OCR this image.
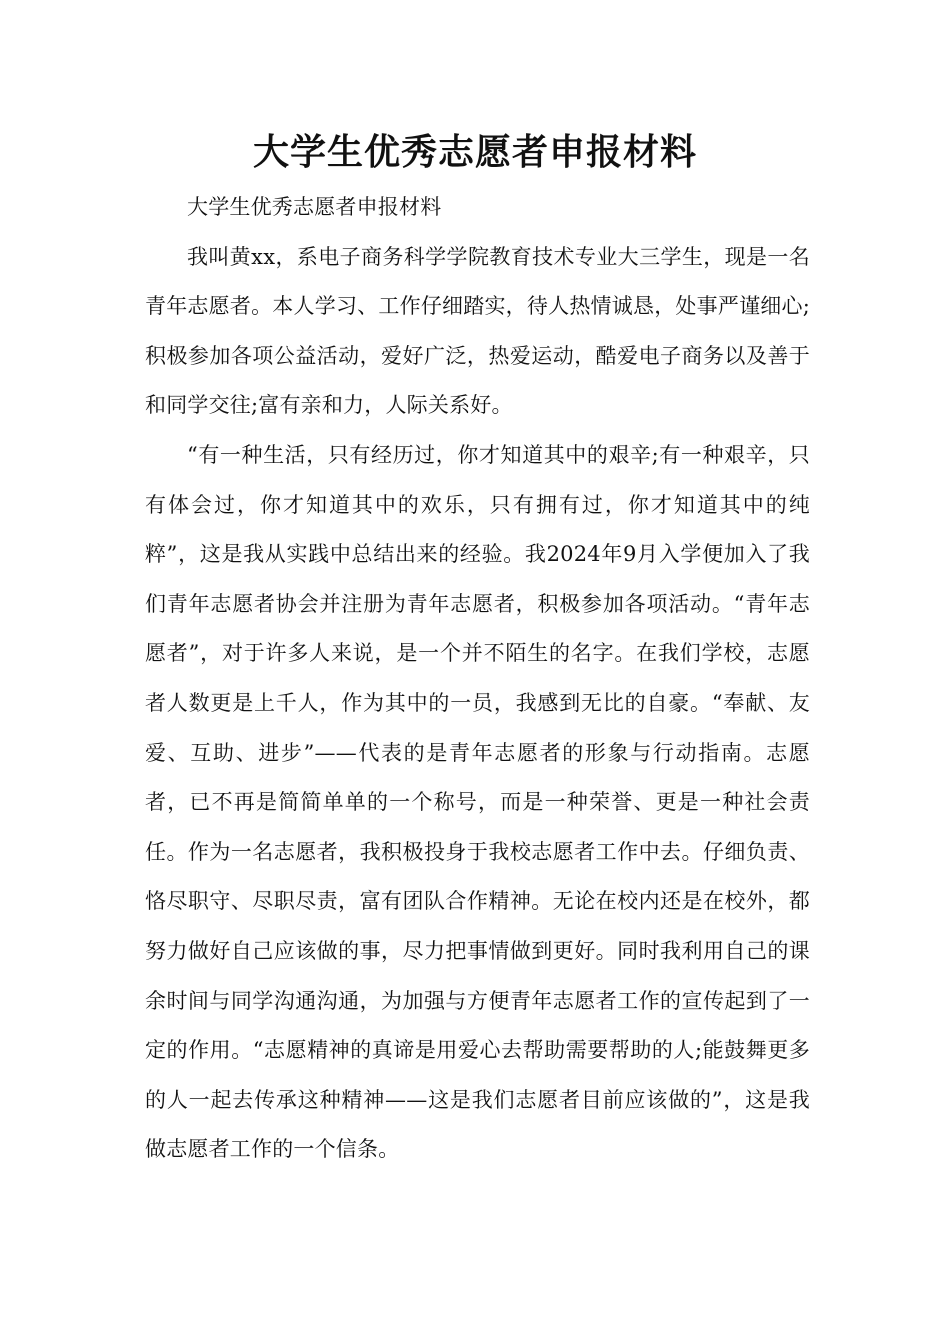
大学生优秀志愿者申报材料

大学生优秀志愿者申报材料

我叫黄xx，系电子商务科学学院教育技术专业大三学生，现是一名青年志愿者。本人学习、工作仔细踏实，待人热情诚恳，处事严谨细心;积极参加各项公益活动，爱好广泛，热爱运动，酷爱电子商务以及善于和同学交往;富有亲和力，人际关系好。

“有一种生活，只有经历过，你才知道其中的艰辛;有一种艰辛，只有体会过，你才知道其中的欢乐，只有拥有过，你才知道其中的纯粹”，这是我从实践中总结出来的经验。我2024年9月入学便加入了我们青年志愿者协会并注册为青年志愿者，积极参加各项活动。“青年志愿者”，对于许多人来说，是一个并不陌生的名字。在我们学校，志愿者人数更是上千人，作为其中的一员，我感到无比的自豪。“奉献、友爱、互助、进步”——代表的是青年志愿者的形象与行动指南。志愿者，已不再是简简单单的一个称号，而是一种荣誉、更是一种社会责任。作为一名志愿者，我积极投身于我校志愿者工作中去。仔细负责、恪尽职守、尽职尽责，富有团队合作精神。无论在校内还是在校外，都努力做好自己应该做的事，尽力把事情做到更好。同时我利用自己的课余时间与同学沟通沟通，为加强与方便青年志愿者工作的宣传起到了一定的作用。“志愿精神的真谛是用爱心去帮助需要帮助的人;能鼓舞更多的人一起去传承这种精神——这是我们志愿者目前应该做的”，这是我做志愿者工作的一个信条。
